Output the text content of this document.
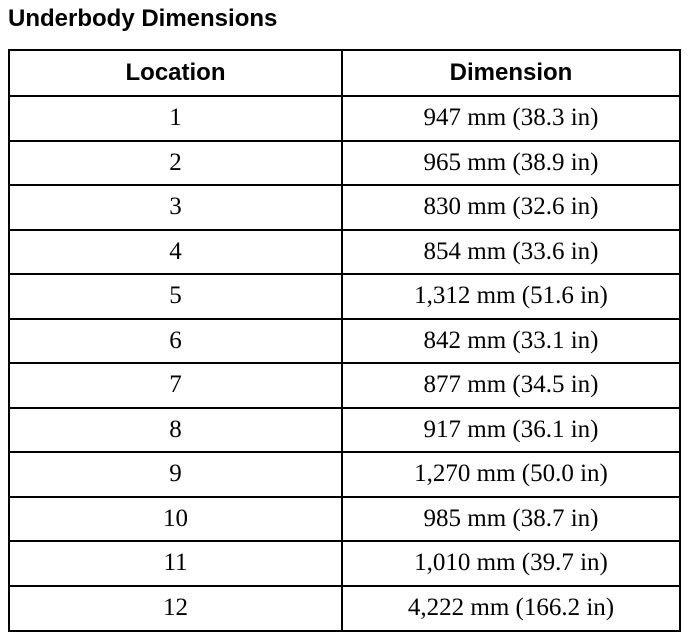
Underbody Dimensions
Location	Dimension
1	947 mm (38.3 in)
2	965 mm (38.9 in)
3	830 mm (32.6 in)
4	854 mm (33.6 in)
5	1,312 mm (51.6 in)
6	842 mm (33.1 in)
7	877 mm (34.5 in)
8	917 mm (36.1 in)
9	1,270 mm (50.0 in)
10	985 mm (38.7 in)
11	1,010 mm (39.7 in)
12	4,222 mm (166.2 in)
